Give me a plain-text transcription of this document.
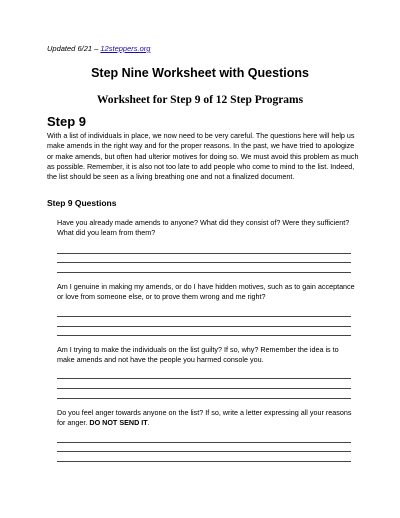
Updated 6/21 – 12steppers.org
Step Nine Worksheet with Questions
Worksheet for Step 9 of 12 Step Programs
Step 9

With a list of individuals in place, we now need to be very careful. The questions here will help us make amends in the right way and for the proper reasons. In the past, we have tried to apologize or make amends, but often had ulterior motives for doing so. We must avoid this problem as much as possible. Remember, it is also not too late to add people who come to mind to the list. Indeed, the list should be seen as a living breathing one and not a finalized document.

Step 9 Questions

Have you already made amends to anyone? What did they consist of? Were they sufficient? What did you learn from them?

Am I genuine in making my amends, or do I have hidden motives, such as to gain acceptance or love from someone else, or to prove them wrong and me right?

Am I trying to make the individuals on the list guilty? If so, why? Remember the idea is to make amends and not have the people you harmed console you.

Do you feel anger towards anyone on the list? If so, write a letter expressing all your reasons for anger. DO NOT SEND IT.
